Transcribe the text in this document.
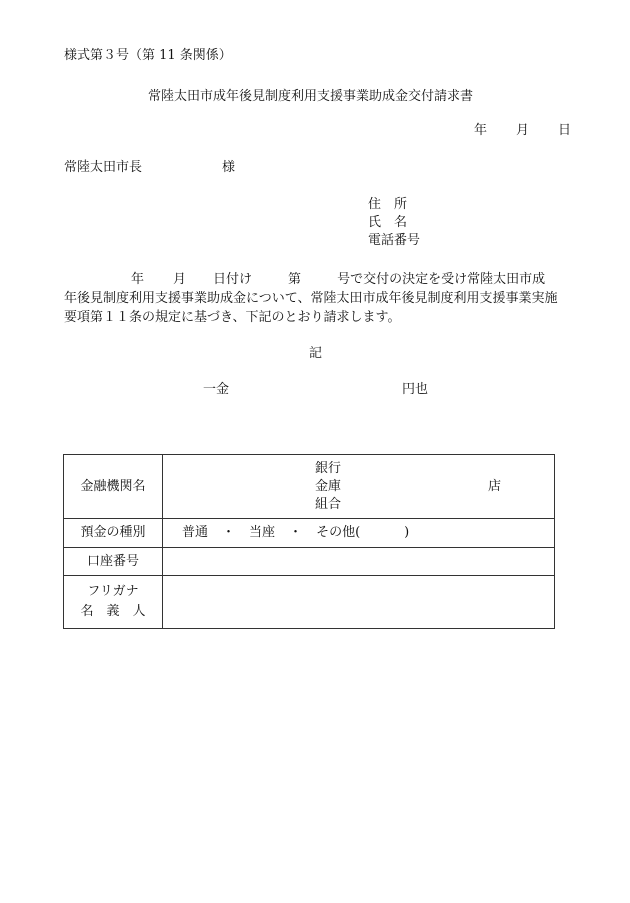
様式第３号（第 11 条関係）
常陸太田市成年後見制度利用支援事業助成金交付請求書
年 月 日
常陸太田市長	様
住　所
氏　名
電話番号
年 月 日付け	第	号で交付の決定を受け常陸太田市成
年後見制度利用支援事業助成金について、常陸太田市成年後見制度利用支援事業実施
要項第１１条の規定に基づき、下記のとおり請求します。
記
一金	円也
金融機関名	銀行
金庫
組合
店

預金の種別	普通 ・ 当座 ・ その他( )
口座番号	

フリガナ
名　義　人	
